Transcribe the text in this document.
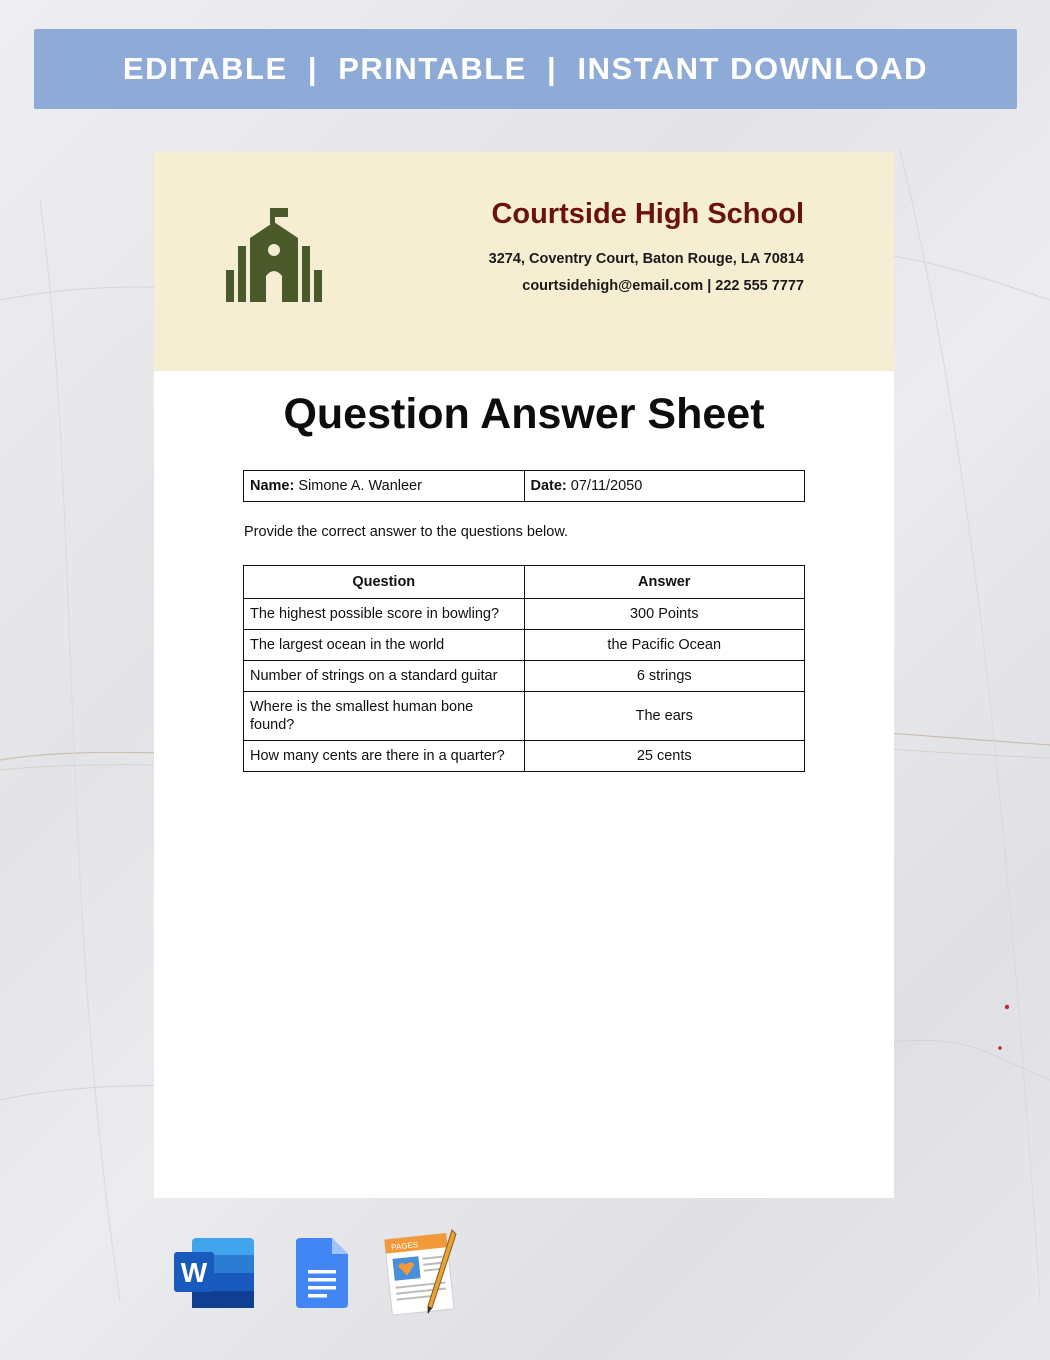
EDITABLE  |  PRINTABLE  |  INSTANT DOWNLOAD
Courtside High School
3274, Coventry Court, Baton Rouge, LA 70814
courtsidehigh@email.com | 222 555 7777
Question Answer Sheet
Name: Simone A. Wanleer	Date: 07/11/2050
Provide the correct answer to the questions below.
Question	Answer
The highest possible score in bowling?	300 Points
The largest ocean in the world	the Pacific Ocean
Number of strings on a standard guitar	6 strings
Where is the smallest human bone found?	The ears
How many cents are there in a quarter?	25 cents
W
PAGES
